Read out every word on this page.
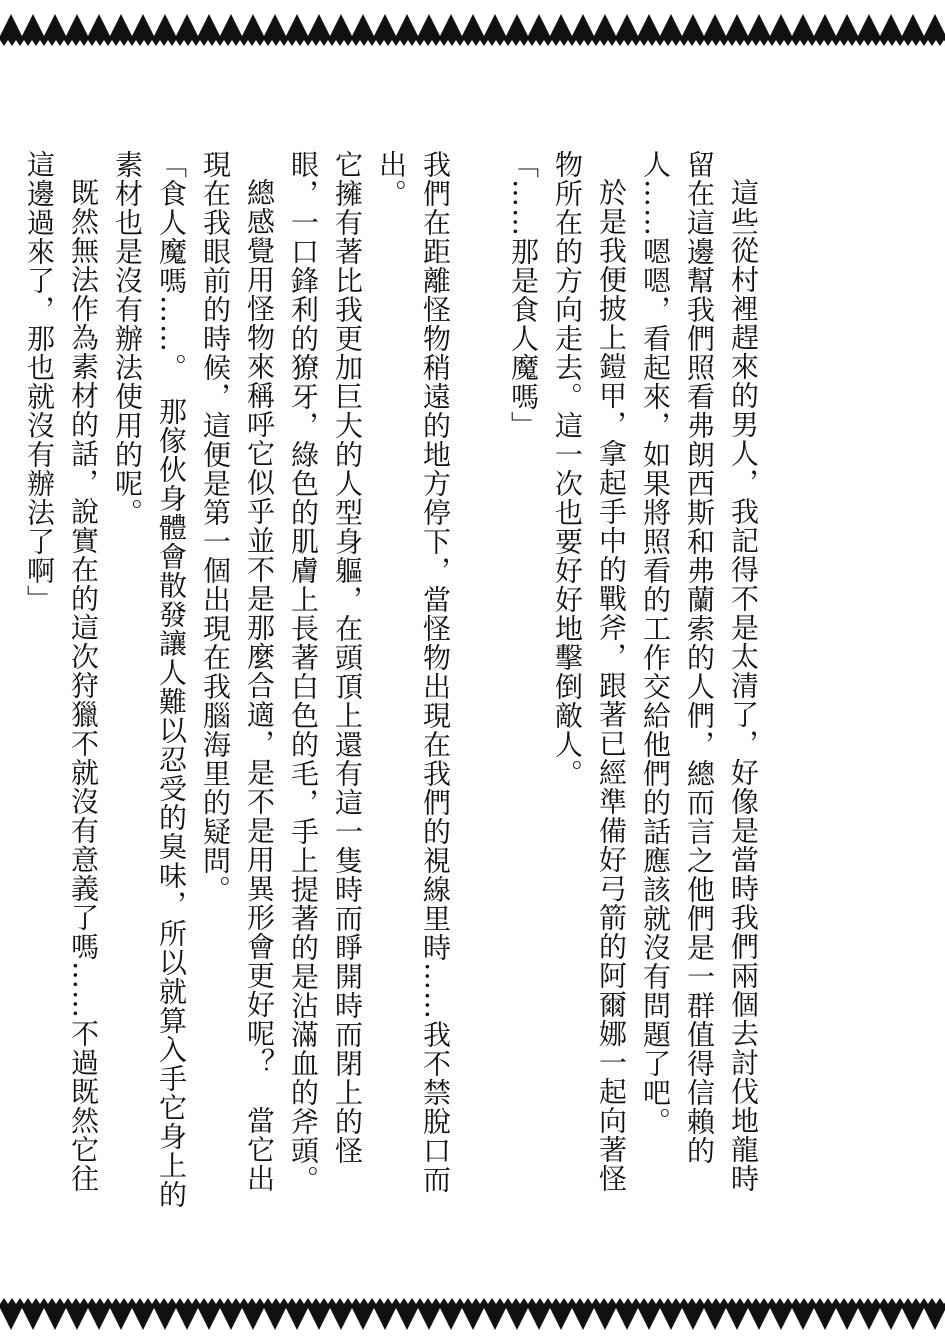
這些從村裡趕來的男人，我記得不是太清了，好像是當時我們兩個去討伐地龍時留在這邊幫我們照看弗朗西斯和弗蘭索的人們，總而言之他們是一群值得信賴的人……嗯嗯，看起來，如果將照看的工作交給他們的話應該就沒有問題了吧。

於是我便披上鎧甲，拿起手中的戰斧，跟著已經準備好弓箭的阿爾娜一起向著怪物所在的方向走去。這一次也要好好地擊倒敵人。

「……那是食人魔嗎」

我們在距離怪物稍遠的地方停下，當怪物出現在我們的視線里時……我不禁脫口而出。

它擁有著比我更加巨大的人型身軀，在頭頂上還有這一隻時而睜開時而閉上的怪眼，一口鋒利的獠牙，綠色的肌膚上長著白色的毛，手上提著的是沾滿血的斧頭。

總感覺用怪物來稱呼它似乎並不是那麼合適，是不是用異形會更好呢？　當它出現在我眼前的時候，這便是第一個出現在我腦海里的疑問。

「食人魔嗎……。　那傢伙身體會散發讓人難以忍受的臭味，所以就算入手它身上的素材也是沒有辦法使用的呢。

既然無法作為素材的話，說實在的這次狩獵不就沒有意義了嗎……不過既然它往這邊過來了，那也就沒有辦法了啊」
